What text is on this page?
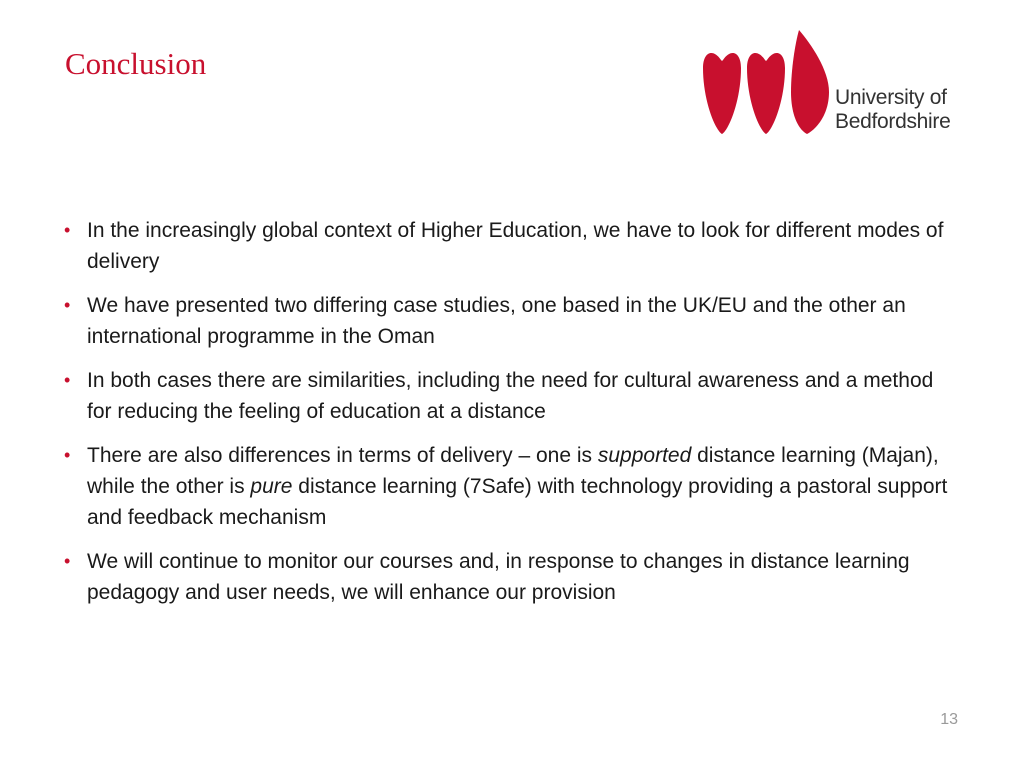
Conclusion
University of
Bedfordshire
• In the increasingly global context of Higher Education, we have to look for different modes of delivery
• We have presented two differing case studies, one based in the UK/EU and the other an international programme in the Oman
• In both cases there are similarities, including the need for cultural awareness and a method for reducing the feeling of education at a distance
• There are also differences in terms of delivery – one is supported distance learning (Majan), while the other is pure distance learning (7Safe) with technology providing a pastoral support and feedback mechanism
• We will continue to monitor our courses and, in response to changes in distance learning pedagogy and user needs, we will enhance our provision
13
